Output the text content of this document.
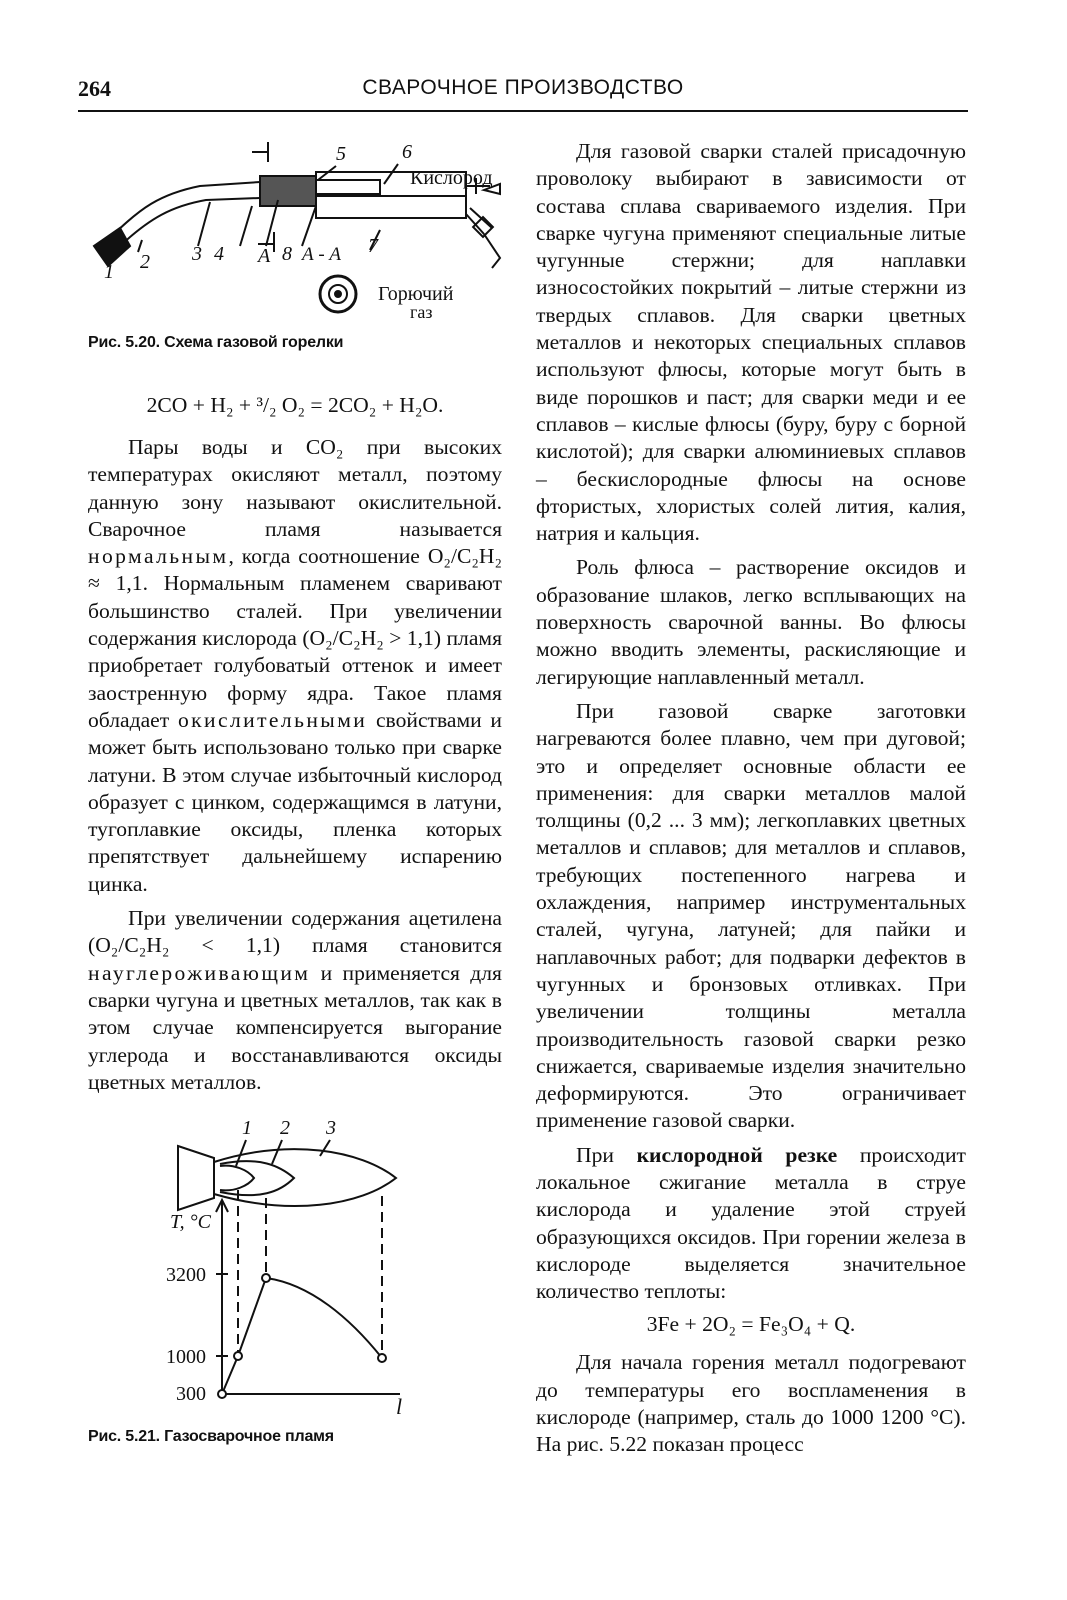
264	СВАРОЧНОЕ ПРОИЗВОДСТВО
1 2 3 4
5	6
7
8
А А - А
Кислород
Горючий
газ
Рис. 5.20. Схема газовой горелки
2CO + H₂ + ³/₂ O₂ = 2CO₂ + H₂O.

Пары воды и CO₂ при высоких температурах окисляют металл, поэтому данную зону называют окислительной. Сварочное пламя называется нормальным, когда соотношение O₂/C₂H₂ ≈ 1,1. Нормальным пламенем сваривают большинство сталей. При увеличении содержания кислорода (O₂/C₂H₂ > 1,1) пламя приобретает голубоватый оттенок и имеет заостренную форму ядра. Такое пламя обладает окислительными свойствами и может быть использовано только при сварке латуни. В этом случае избыточный кислород образует с цинком, содержащимся в латуни, тугоплавкие оксиды, пленка которых препятствует дальнейшему испарению цинка.

При увеличении содержания ацетилена (O₂/C₂H₂ < 1,1) пламя становится науглероживающим и применяется для сварки чугуна и цветных металлов, так как в этом случае компенсируется выгорание углерода и восстанавливаются оксиды цветных металлов.

1 2 3
T, °C
3200
1000
300	l
Рис. 5.21. Газосварочное пламя

Для газовой сварки сталей присадочную проволоку выбирают в зависимости от состава сплава свариваемого изделия. При сварке чугуна применяют специальные литые чугунные стержни; для наплавки износостойких покрытий – литые стержни из твердых сплавов. Для сварки цветных металлов и некоторых специальных сплавов используют флюсы, которые могут быть в виде порошков и паст; для сварки меди и ее сплавов – кислые флюсы (буру, буру с борной кислотой); для сварки алюминиевых сплавов – бескислородные флюсы на основе фтористых, хлористых солей лития, калия, натрия и кальция.

Роль флюса – растворение оксидов и образование шлаков, легко всплывающих на поверхность сварочной ванны. Во флюсы можно вводить элементы, раскисляющие и легирующие наплавленный металл.

При газовой сварке заготовки нагреваются более плавно, чем при дуговой; это и определяет основные области ее применения: для сварки металлов малой толщины (0,2 ... 3 мм); легкоплавких цветных металлов и сплавов; для металлов и сплавов, требующих постепенного нагрева и охлаждения, например инструментальных сталей, чугуна, латуней; для пайки и наплавочных работ; для подварки дефектов в чугунных и бронзовых отливках. При увеличении толщины металла производительность газовой сварки резко снижается, свариваемые изделия значительно деформируются. Это ограничивает применение газовой сварки.

При кислородной резке происходит локальное сжигание металла в струе кислорода и удаление этой струей образующихся оксидов. При горении железа в кислороде выделяется значительное количество теплоты:

3Fe + 2O₂ = Fe₃O₄ + Q.

Для начала горения металл подогревают до температуры его воспламенения в кислороде (например, сталь до 1000 1200 °С). На рис. 5.22 показан процесс
